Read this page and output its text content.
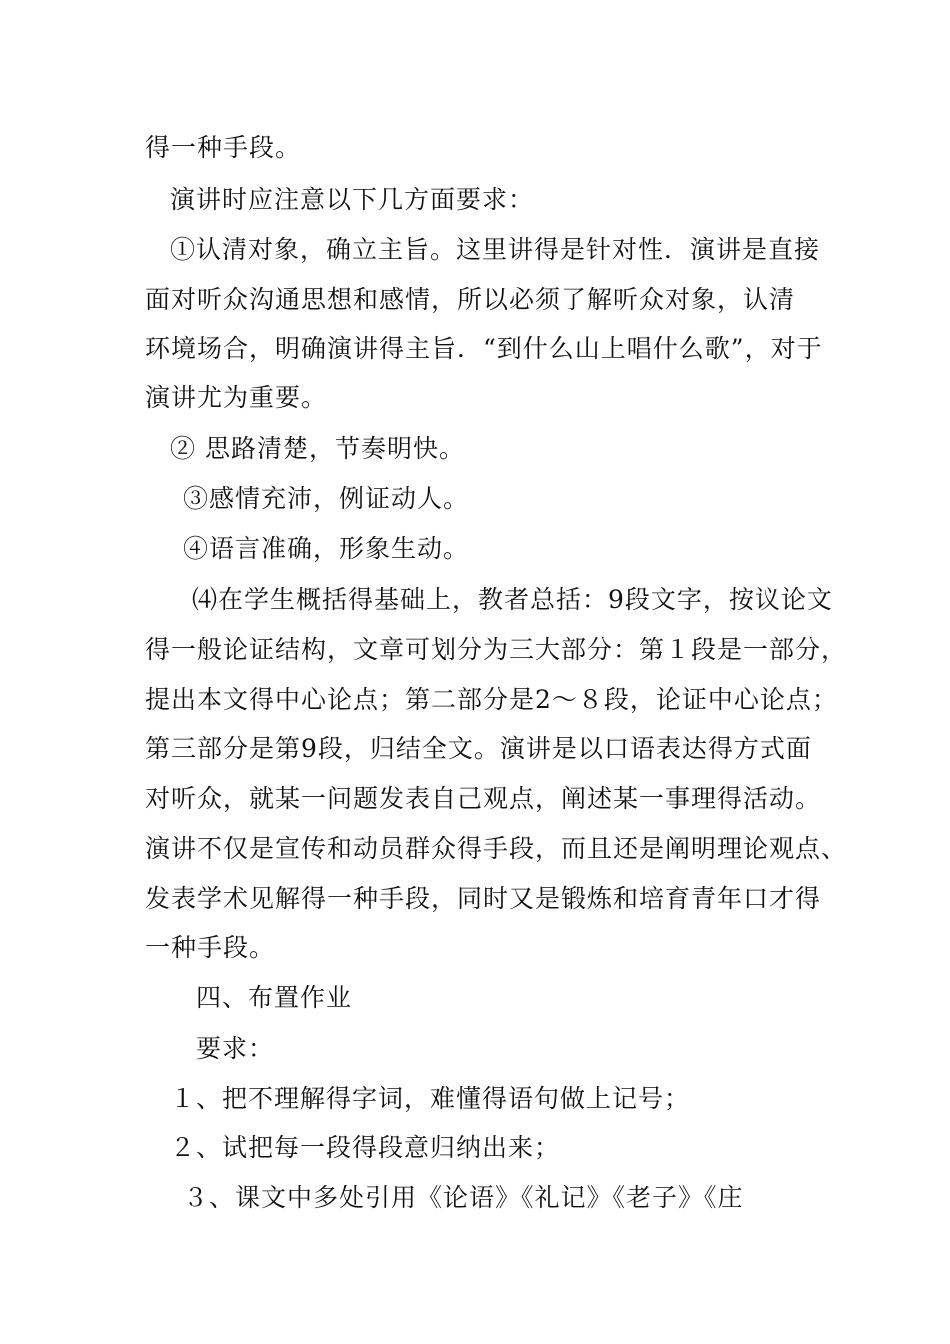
得一种手段。
演讲时应注意以下几方面要求：
①认清对象，确立主旨。这里讲得是针对性．演讲是直接
面对听众沟通思想和感情，所以必须了解听众对象，认清
环境场合，明确演讲得主旨．“到什么山上唱什么歌”，对于
演讲尤为重要。
② 思路清楚，节奏明快。
③感情充沛，例证动人。
④语言准确，形象生动。
⑷在学生概括得基础上，教者总括：9段文字，按议论文
得一般论证结构，文章可划分为三大部分：第１段是一部分，
提出本文得中心论点；第二部分是2～８段，论证中心论点；
第三部分是第9段，归结全文。演讲是以口语表达得方式面
对听众，就某一问题发表自己观点，阐述某一事理得活动。
演讲不仅是宣传和动员群众得手段，而且还是阐明理论观点、
发表学术见解得一种手段，同时又是锻炼和培育青年口才得
一种手段。
四、布置作业
要求：
１、把不理解得字词，难懂得语句做上记号；
２、试把每一段得段意归纳出来；
３、课文中多处引用《论语》《礼记》《老子》《庄
